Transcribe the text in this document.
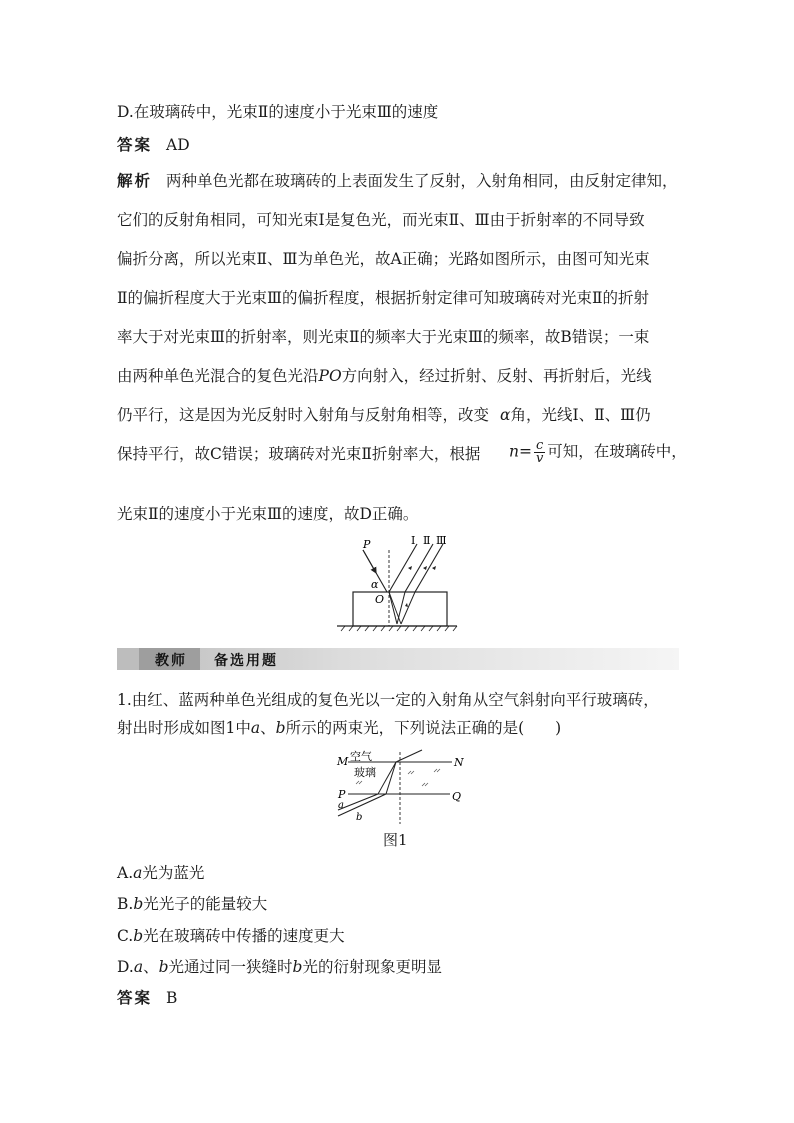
D.在玻璃砖中，光束Ⅱ的速度小于光束Ⅲ的速度
答案 AD
解析 两种单色光都在玻璃砖的上表面发生了反射，入射角相同，由反射定律知，
它们的反射角相同，可知光束Ⅰ是复色光，而光束Ⅱ、Ⅲ由于折射率的不同导致
偏折分离，所以光束Ⅱ、Ⅲ为单色光，故A正确；光路如图所示，由图可知光束
Ⅱ的偏折程度大于光束Ⅲ的偏折程度，根据折射定律可知玻璃砖对光束Ⅱ的折射
率大于对光束Ⅲ的折射率，则光束Ⅱ的频率大于光束Ⅲ的频率，故B错误；一束
由两种单色光混合的复色光沿PO方向射入，经过折射、反射、再折射后，光线
仍平行，这是因为光反射时入射角与反射角相等，改变 α角，光线Ⅰ、Ⅱ、Ⅲ仍
保持平行，故C错误；玻璃砖对光束Ⅱ折射率大，根据 $n= \frac{c}{v}$ 可知，在玻璃砖中，
光束Ⅱ的速度小于光束Ⅲ的速度，故D正确。
P
α
O
Ⅰ Ⅱ Ⅲ
教师 备选用题
1.由红、蓝两种单色光组成的复色光以一定的入射角从空气斜射向平行玻璃砖，
射出时形成如图1中a、b所示的两束光，下列说法正确的是(　　)
M 空气
玻璃
N
P
a
b
Q
图1
A.a光为蓝光
B.b光光子的能量较大
C.b光在玻璃砖中传播的速度更大
D.a、b光通过同一狭缝时b光的衍射现象更明显
答案 B
